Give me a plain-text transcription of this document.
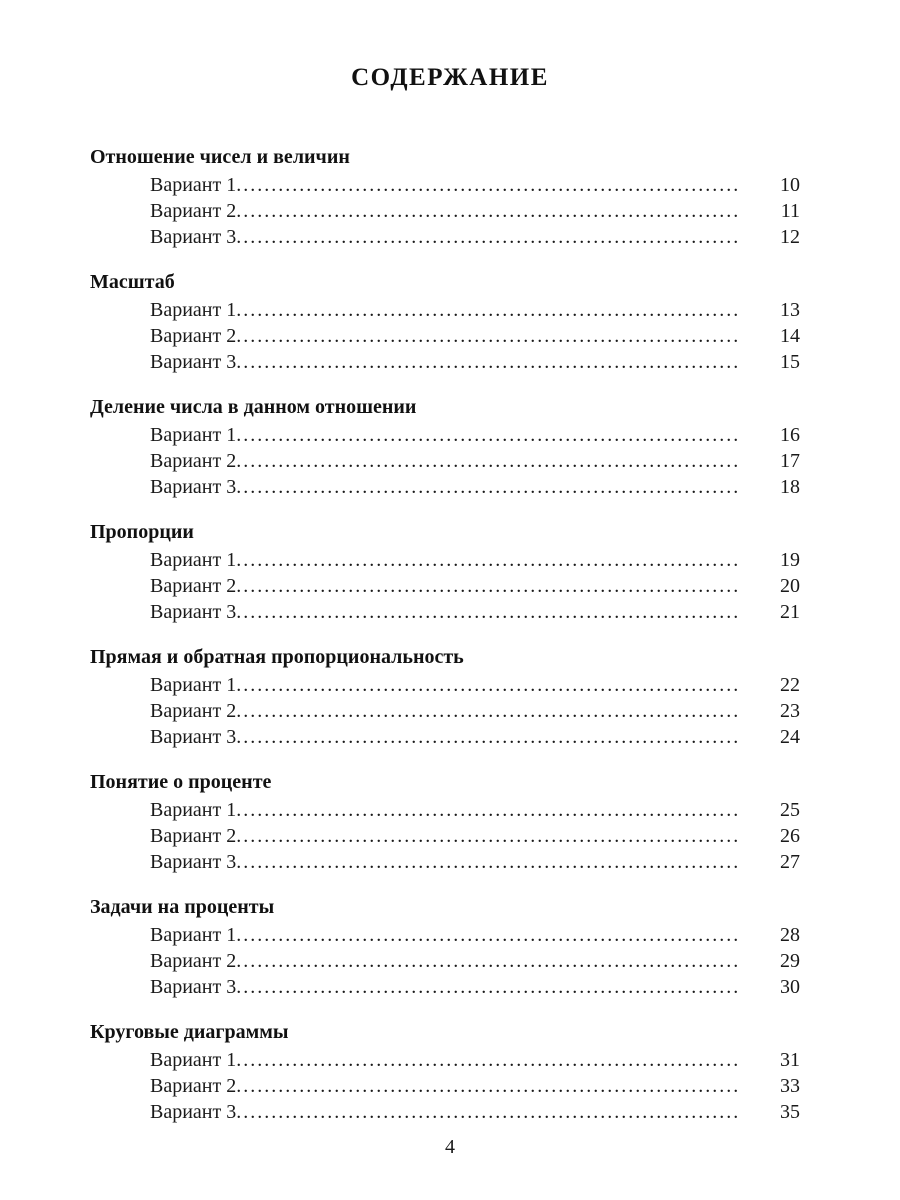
СОДЕРЖАНИЕ
Отношение чисел и величин
Вариант 1 .....	10
Вариант 2 .....	11
Вариант 3 .....	12
Масштаб
Вариант 1 .....	13
Вариант 2 .....	14
Вариант 3 .....	15
Деление числа в данном отношении
Вариант 1 .....	16
Вариант 2 .....	17
Вариант 3 .....	18
Пропорции
Вариант 1 .....	19
Вариант 2 .....	20
Вариант 3 .....	21
Прямая и обратная пропорциональность
Вариант 1 .....	22
Вариант 2 .....	23
Вариант 3 .....	24
Понятие о проценте
Вариант 1 .....	25
Вариант 2 .....	26
Вариант 3 .....	27
Задачи на проценты
Вариант 1 .....	28
Вариант 2 .....	29
Вариант 3 .....	30
Круговые диаграммы
Вариант 1 .....	31
Вариант 2 .....	33
Вариант 3 .....	35
4
